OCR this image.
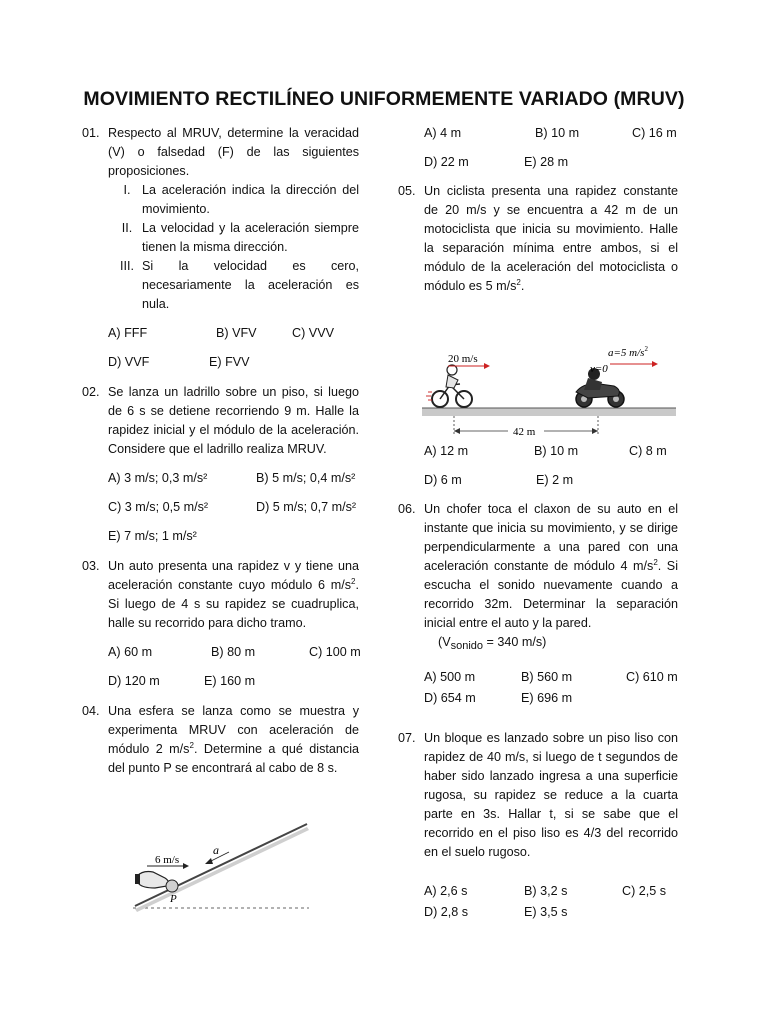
MOVIMIENTO RECTILÍNEO UNIFORMEMENTE VARIADO (MRUV)
01. Respecto al MRUV, determine la veracidad (V) o falsedad (F) de las siguientes proposiciones.
I. La aceleración indica la dirección del movimiento.
II. La velocidad y la aceleración siempre tienen la misma dirección.
III. Si la velocidad es cero, necesariamente la aceleración es nula.
A) FFF	B) VFV	C) VVV
D) VVF	E) FVV
02. Se lanza un ladrillo sobre un piso, si luego de 6 s se detiene recorriendo 9 m. Halle la rapidez inicial y el módulo de la aceleración. Considere que el ladrillo realiza MRUV.
A) 3 m/s; 0,3 m/s²	B) 5 m/s; 0,4 m/s²
C) 3 m/s; 0,5 m/s²	D) 5 m/s; 0,7 m/s²
E) 7 m/s; 1 m/s²
03. Un auto presenta una rapidez v y tiene una aceleración constante cuyo módulo 6 $m/s^2$. Si luego de 4 s su rapidez se cuadruplica, halle su recorrido para dicho tramo.
A) 60 m	B) 80 m	C) 100 m
D) 120 m	E) 160 m
04. Una esfera se lanza como se muestra y experimenta MRUV con aceleración de módulo 2 $m/s^2$. Determine a qué distancia del punto P se encontrará al cabo de 8 s.
6 m/s
a
P
A) 4 m	B) 10 m	C) 16 m
D) 22 m	E) 28 m
05. Un ciclista presenta una rapidez constante de 20 m/s y se encuentra a 42 m de un motociclista que inicia su movimiento. Halle la separación mínima entre ambos, si el módulo de la aceleración del motociclista o módulo es 5 $m/s^2$.
A) 12 m	B) 10 m	C) 8 m
D) 6 m	E) 2 m
06. Un chofer toca el claxon de su auto en el instante que inicia su movimiento, y se dirige perpendicularmente a una pared con una aceleración constante de módulo 4 $m/s^2$. Si escucha el sonido nuevamente cuando a recorrido 32m. Determinar la separación inicial entre el auto y la pared.
($V_{sonido} = 340$ m/s)
A) 500 m	B) 560 m	C) 610 m
D) 654 m	E) 696 m
07. Un bloque es lanzado sobre un piso liso con rapidez de 40 m/s, si luego de t segundos de haber sido lanzado ingresa a una superficie rugosa, su rapidez se reduce a la cuarta parte en 3s. Hallar t, si se sabe que el recorrido en el piso liso es 4/3 del recorrido en el suelo rugoso.
A) 2,6 s	B) 3,2 s	C) 2,5 s
D) 2,8 s	E) 3,5 s
20 m/s	a=5 $m/s^2$
v=0
42 m
